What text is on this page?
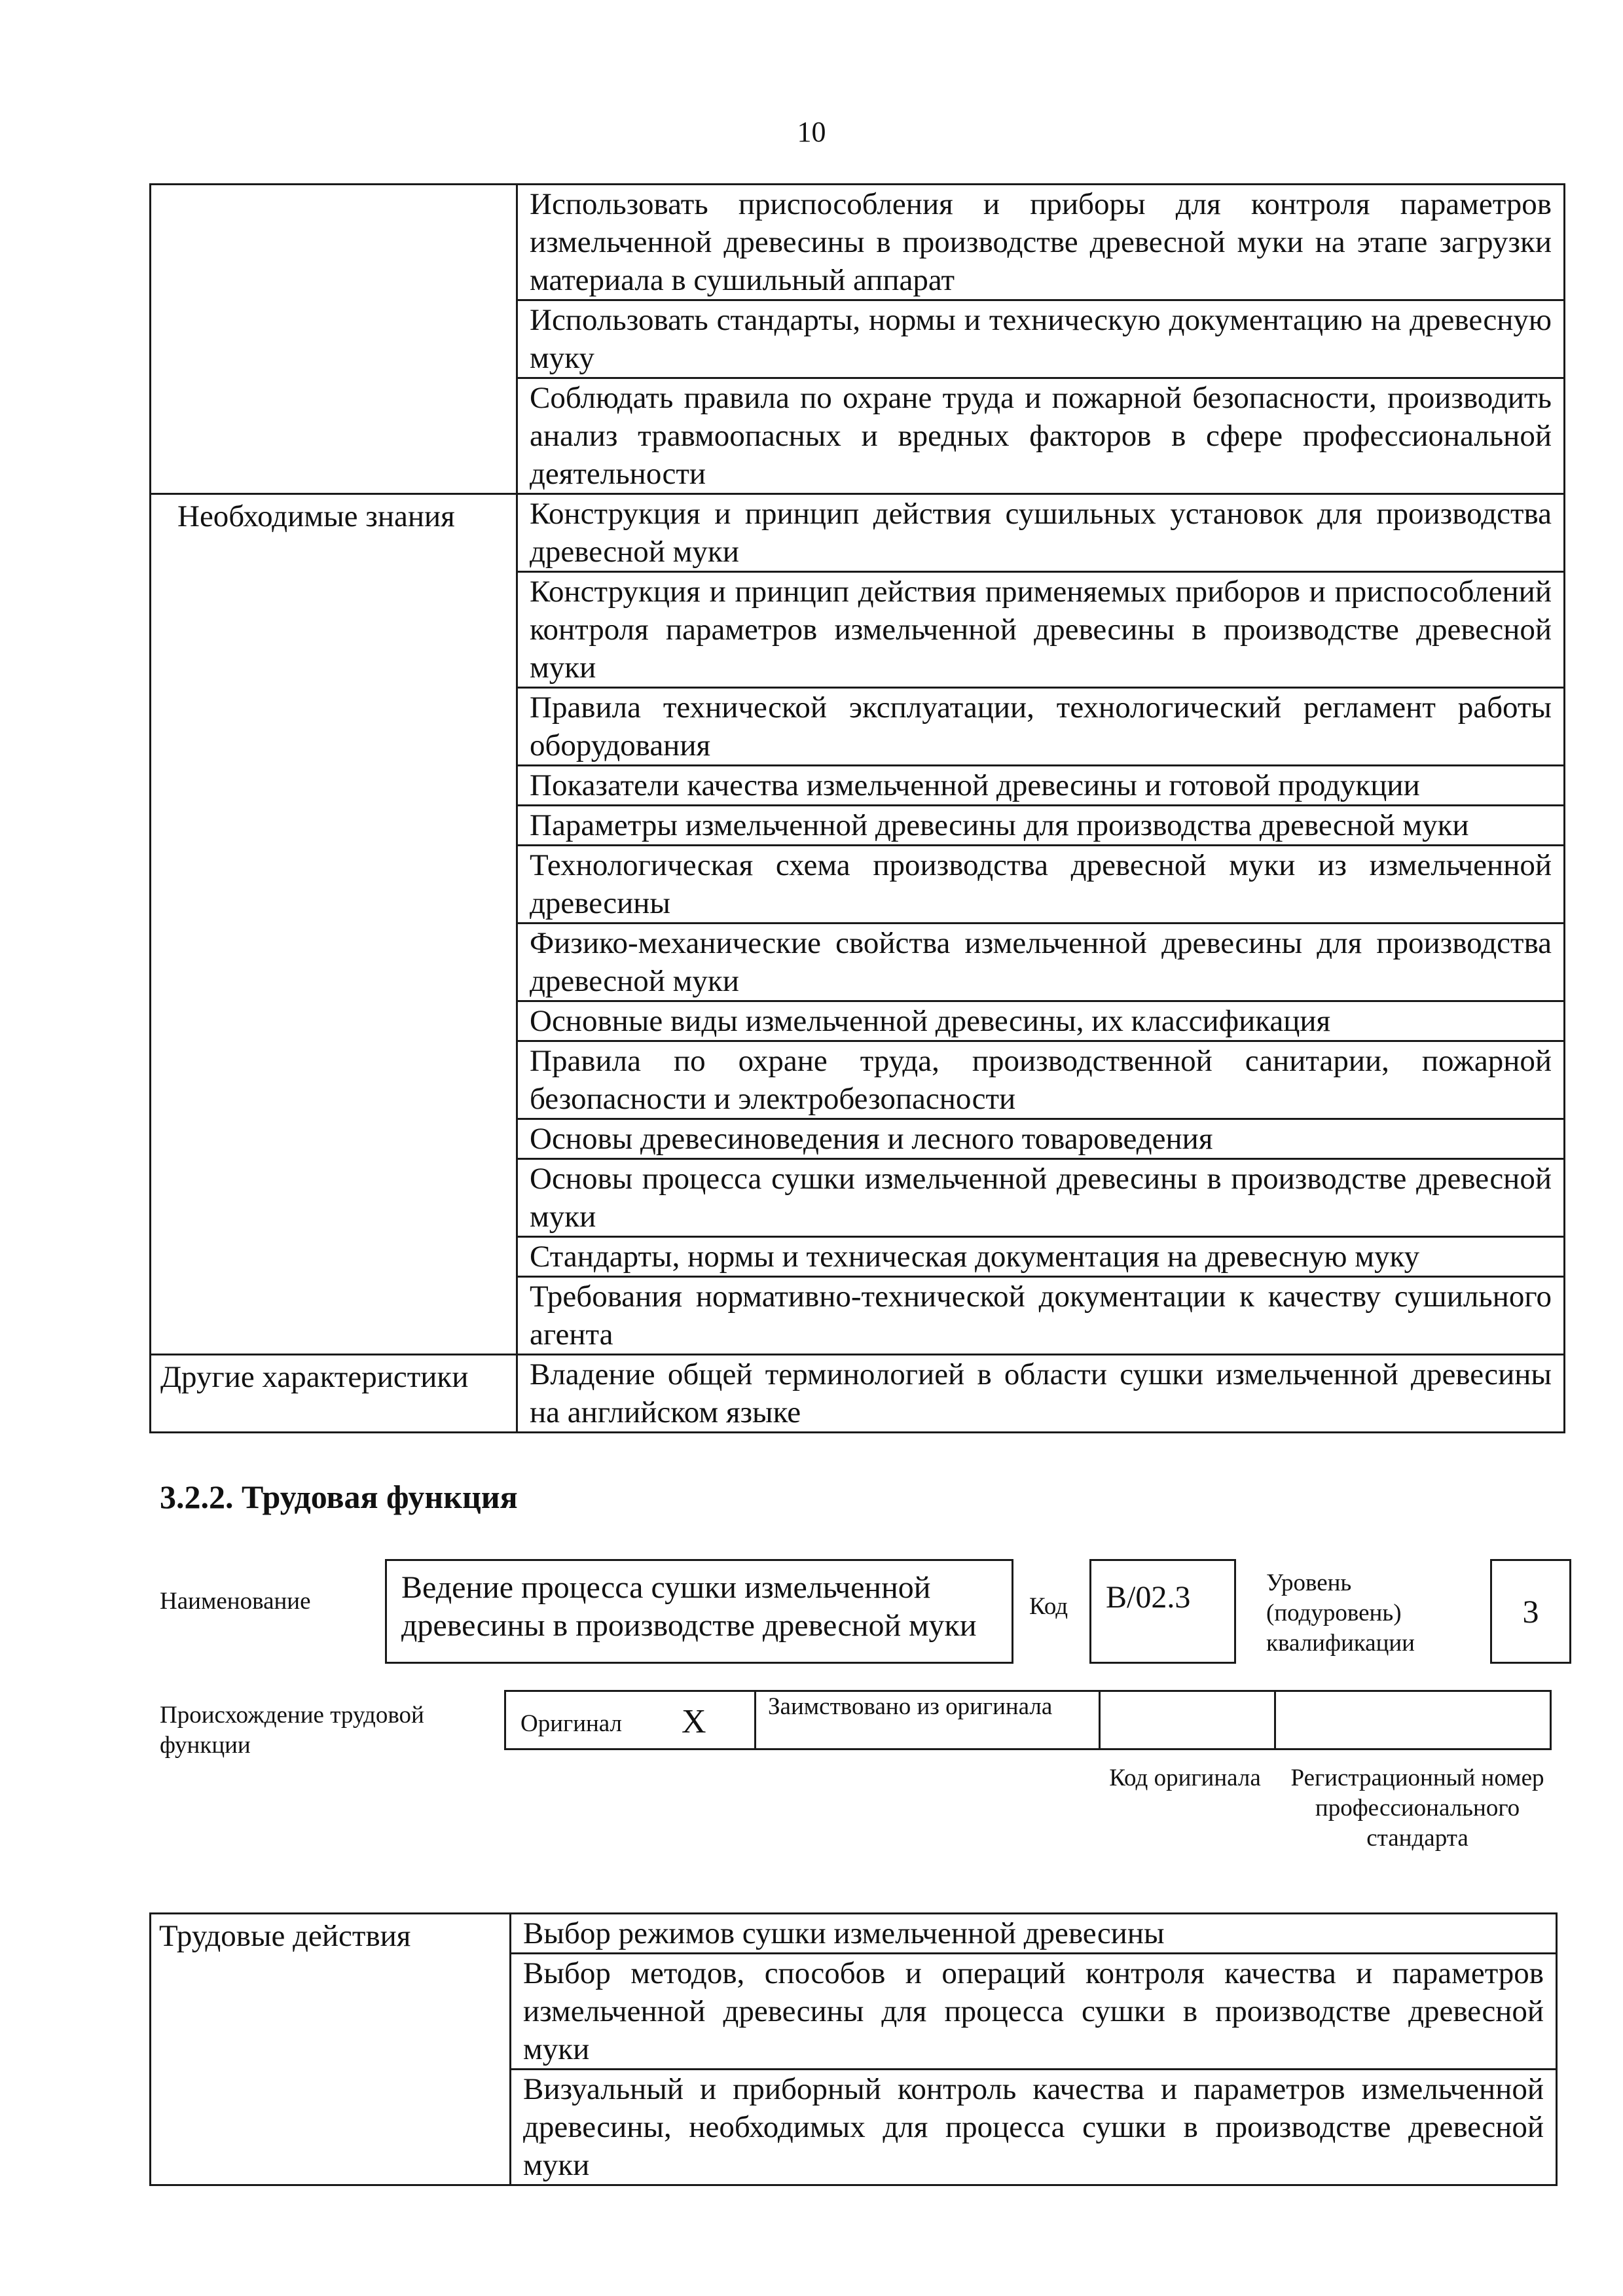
10
	Использовать приспособления и приборы для контроля параметров измельченной древесины в производстве древесной муки на этапе загрузки материала в сушильный аппарат
	Использовать стандарты, нормы и техническую документацию на древесную муку
	Соблюдать правила по охране труда и пожарной безопасности, производить анализ травмоопасных и вредных факторов в сфере профессиональной деятельности
Необходимые знания	Конструкция и принцип действия сушильных установок для производства древесной муки
	Конструкция и принцип действия применяемых приборов и приспособлений контроля параметров измельченной древесины в производстве древесной муки
	Правила технической эксплуатации, технологический регламент работы оборудования
	Показатели качества измельченной древесины и готовой продукции
	Параметры измельченной древесины для производства древесной муки
	Технологическая схема производства древесной муки из измельченной древесины
	Физико-механические свойства измельченной древесины для производства древесной муки
	Основные виды измельченной древесины, их классификация
	Правила по охране труда, производственной санитарии, пожарной безопасности и электробезопасности
	Основы древесиноведения и лесного товароведения
	Основы процесса сушки измельченной древесины в производстве древесной муки
	Стандарты, нормы и техническая документация на древесную муку
	Требования нормативно-технической документации к качеству сушильного агента
Другие характеристики	Владение общей терминологией в области сушки измельченной древесины на английском языке
3.2.2. Трудовая функция
Наименование	Ведение процесса сушки измельченной древесины в производстве древесной муки
Код	B/02.3	Уровень (подуровень) квалификации
3
Происхождение трудовой функции
Оригинал X	Заимствовано из оригинала
Код оригинала	Регистрационный номер профессионального стандарта
Трудовые действия	Выбор режимов сушки измельченной древесины
Выбор методов, способов и операций контроля качества и параметров измельченной древесины для процесса сушки в производстве древесной муки
Визуальный и приборный контроль качества и параметров измельченной древесины, необходимых для процесса сушки в производстве древесной муки
